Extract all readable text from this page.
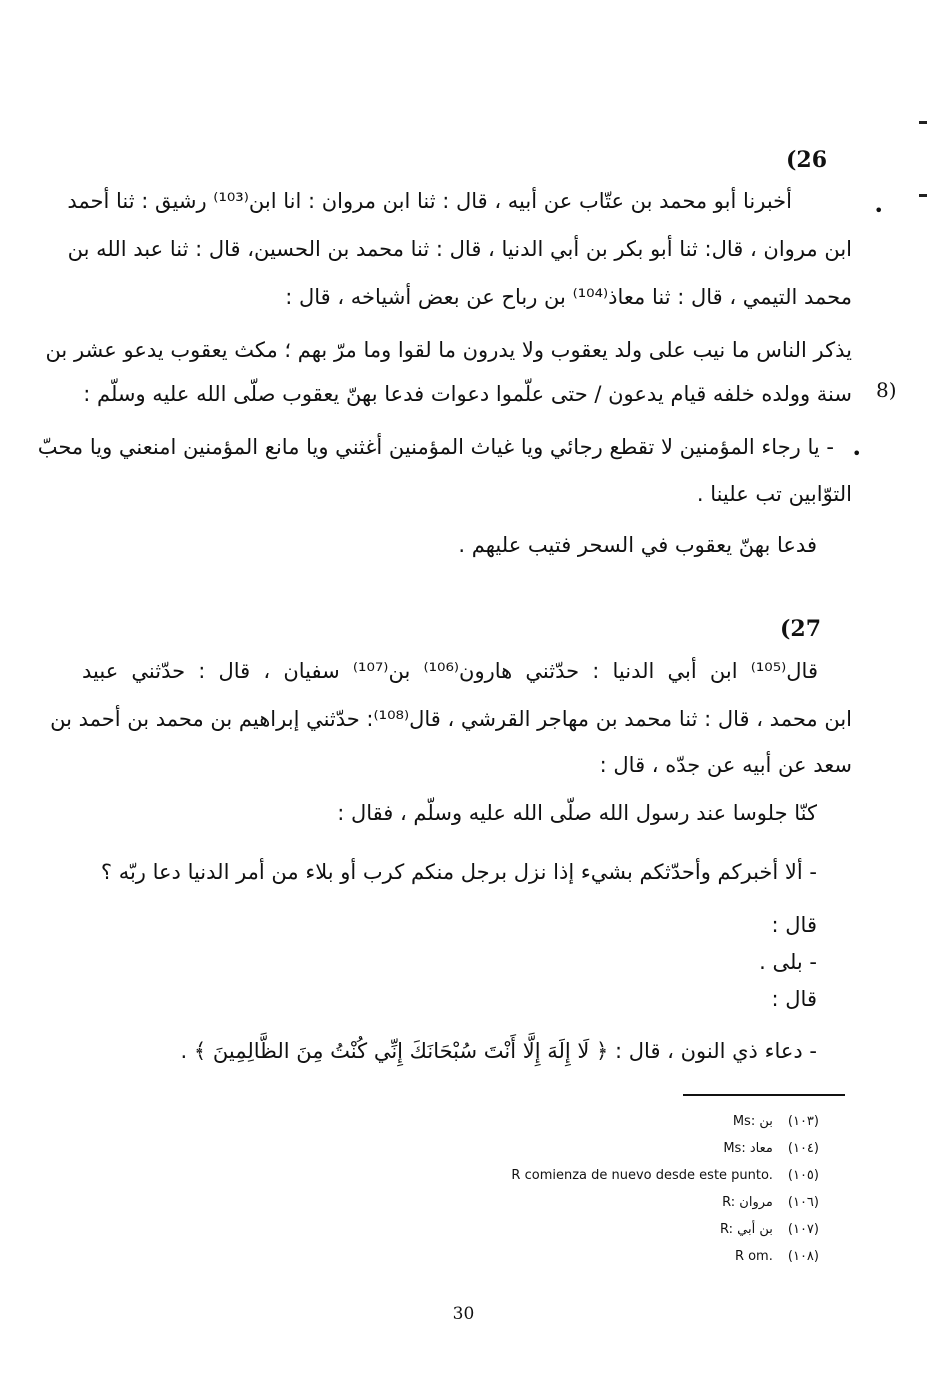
(26
•
أخبرنا أبو محمد بن عتّاب عن أبيه ، قال : ثنا ابن مروان : انا ابن⁽¹⁰³⁾ رشيق : ثنا أحمد
ابن مروان ، قال: ثنا أبو بكر بن أبي الدنيا ، قال : ثنا محمد بن الحسين، قال : ثنا عبد الله بن
محمد التيمي ، قال : ثنا معاذ⁽¹⁰⁴⁾ بن رباح عن بعض أشياخه ، قال :
يذكر الناس ما نيب على ولد يعقوب ولا يدرون ما لقوا وما مرّ بهم ؛ مكث يعقوب يدعو عشر بن
8)
سنة وولده خلفه قيام يدعون / حتى علّموا دعوات فدعا بهنّ يعقوب صلّى الله عليه وسلّم :
•
- يا رجاء المؤمنين لا تقطع رجائي ويا غياث المؤمنين أغثني ويا مانع المؤمنين امنعني ويا محبّ
التوّابين تب علينا .
فدعا بهنّ يعقوب في السحر فتيب عليهم .
(27
قال⁽¹⁰⁵⁾ ابن أبي الدنيا : حدّثني هارون⁽¹⁰⁶⁾ بن⁽¹⁰⁷⁾ سفيان ، قال : حدّثني عبيد
ابن محمد ، قال : ثنا محمد بن مهاجر القرشي ، قال⁽¹⁰⁸⁾: حدّثني إبراهيم بن محمد بن أحمد بن
سعد عن أبيه عن جدّه ، قال :
كنّا جلوسا عند رسول الله صلّى الله عليه وسلّم ، فقال :
- ألا أخبركم وأحدّثكم بشيء إذا نزل برجل منكم كرب أو بلاء من أمر الدنيا دعا ربّه ؟
قال :
- بلى .
قال :
- دعاء ذي النون ، قال : ﴿ لَا إِلَهَ إِلَّا أَنْتَ سُبْحَانَكَ إِنِّي كُنْتُ مِنَ الظَّالِمِينَ ﴾ .
Ms: بن (١٠٣)
Ms: معاد (١٠٤)
R comienza de nuevo desde este punto. (١٠٥)
R: مروان (١٠٦)
R: بن أبي (١٠٧)
R om. (١٠٨)
30
